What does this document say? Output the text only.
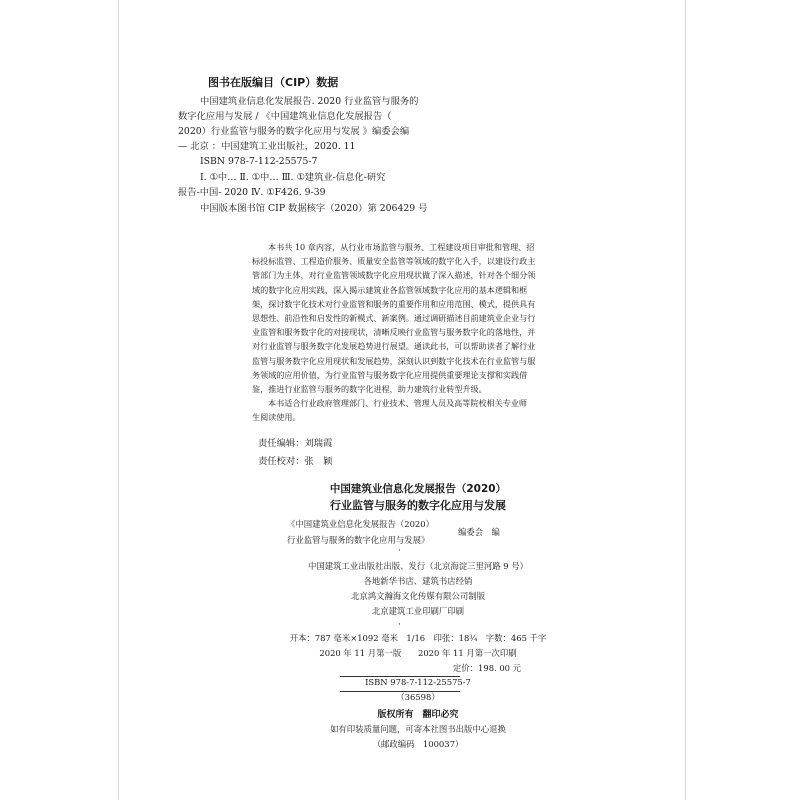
图书在版编目（CIP）数据
中国建筑业信息化发展报告. 2020 行业监管与服务的
数字化应用与发展 / 《中国建筑业信息化发展报告（
2020）行业监管与服务的数字化应用与发展 》编委会编
— 北京 ：中国建筑工业出版社，2020. 11
ISBN 978-7-112-25575-7
Ⅰ. ①中… Ⅱ. ①中… Ⅲ. ①建筑业-信息化-研究
报告-中国- 2020 Ⅳ. ①F426. 9-39
中国版本图书馆 CIP 数据核字（2020）第 206429 号
本书共 10 章内容，从行业市场监管与服务、工程建设项目审批和管理、招
标投标监管、工程造价服务、质量安全监管等领域的数字化入手，以建设行政主
管部门为主体，对行业监管领域数字化应用现状做了深入描述，针对各个细分领
域的数字化应用实践，深入揭示建筑业各监管领域数字化应用的基本逻辑和框
架，探讨数字化技术对行业监管和服务的重要作用和应用范围、模式，提供具有
思想性、前沿性和启发性的新模式、新案例。通过调研描述目前建筑业企业与行
业监管和服务数字化的对接现状，清晰反映行业监管与服务数字化的落地性，并
对行业监管与服务数字化发展趋势进行展望。通读此书，可以帮助读者了解行业
监管与服务数字化应用现状和发展趋势，深刻认识到数字化技术在行业监管与服
务领域的应用价值，为行业监管与服务数字化应用提供重要理论支撑和实践借
鉴，推进行业监管与服务的数字化进程，助力建筑行业转型升级。
本书适合行业政府管理部门、行业技术、管理人员及高等院校相关专业师
生阅读使用。
责任编辑：刘瑞霞
责任校对：张　颖
中国建筑业信息化发展报告（2020）
行业监管与服务的数字化应用与发展
《中国建筑业信息化发展报告（2020）
行业监管与服务的数字化应用与发展》
编委会　编
·
中国建筑工业出版社出版、发行（北京海淀三里河路 9 号）
各地新华书店、建筑书店经销
北京鸿文瀚海文化传媒有限公司制版
北京建筑工业印刷厂印刷
·
开本：787 毫米×1092 毫米　1/16　印张：18¾　字数：465 千字
2020 年 11 月第一版　　2020 年 11 月第一次印刷
定价：198. 00 元
ISBN 978-7-112-25575-7
（36598）
版权所有　翻印必究
如有印装质量问题，可寄本社图书出版中心退换
（邮政编码　100037）
